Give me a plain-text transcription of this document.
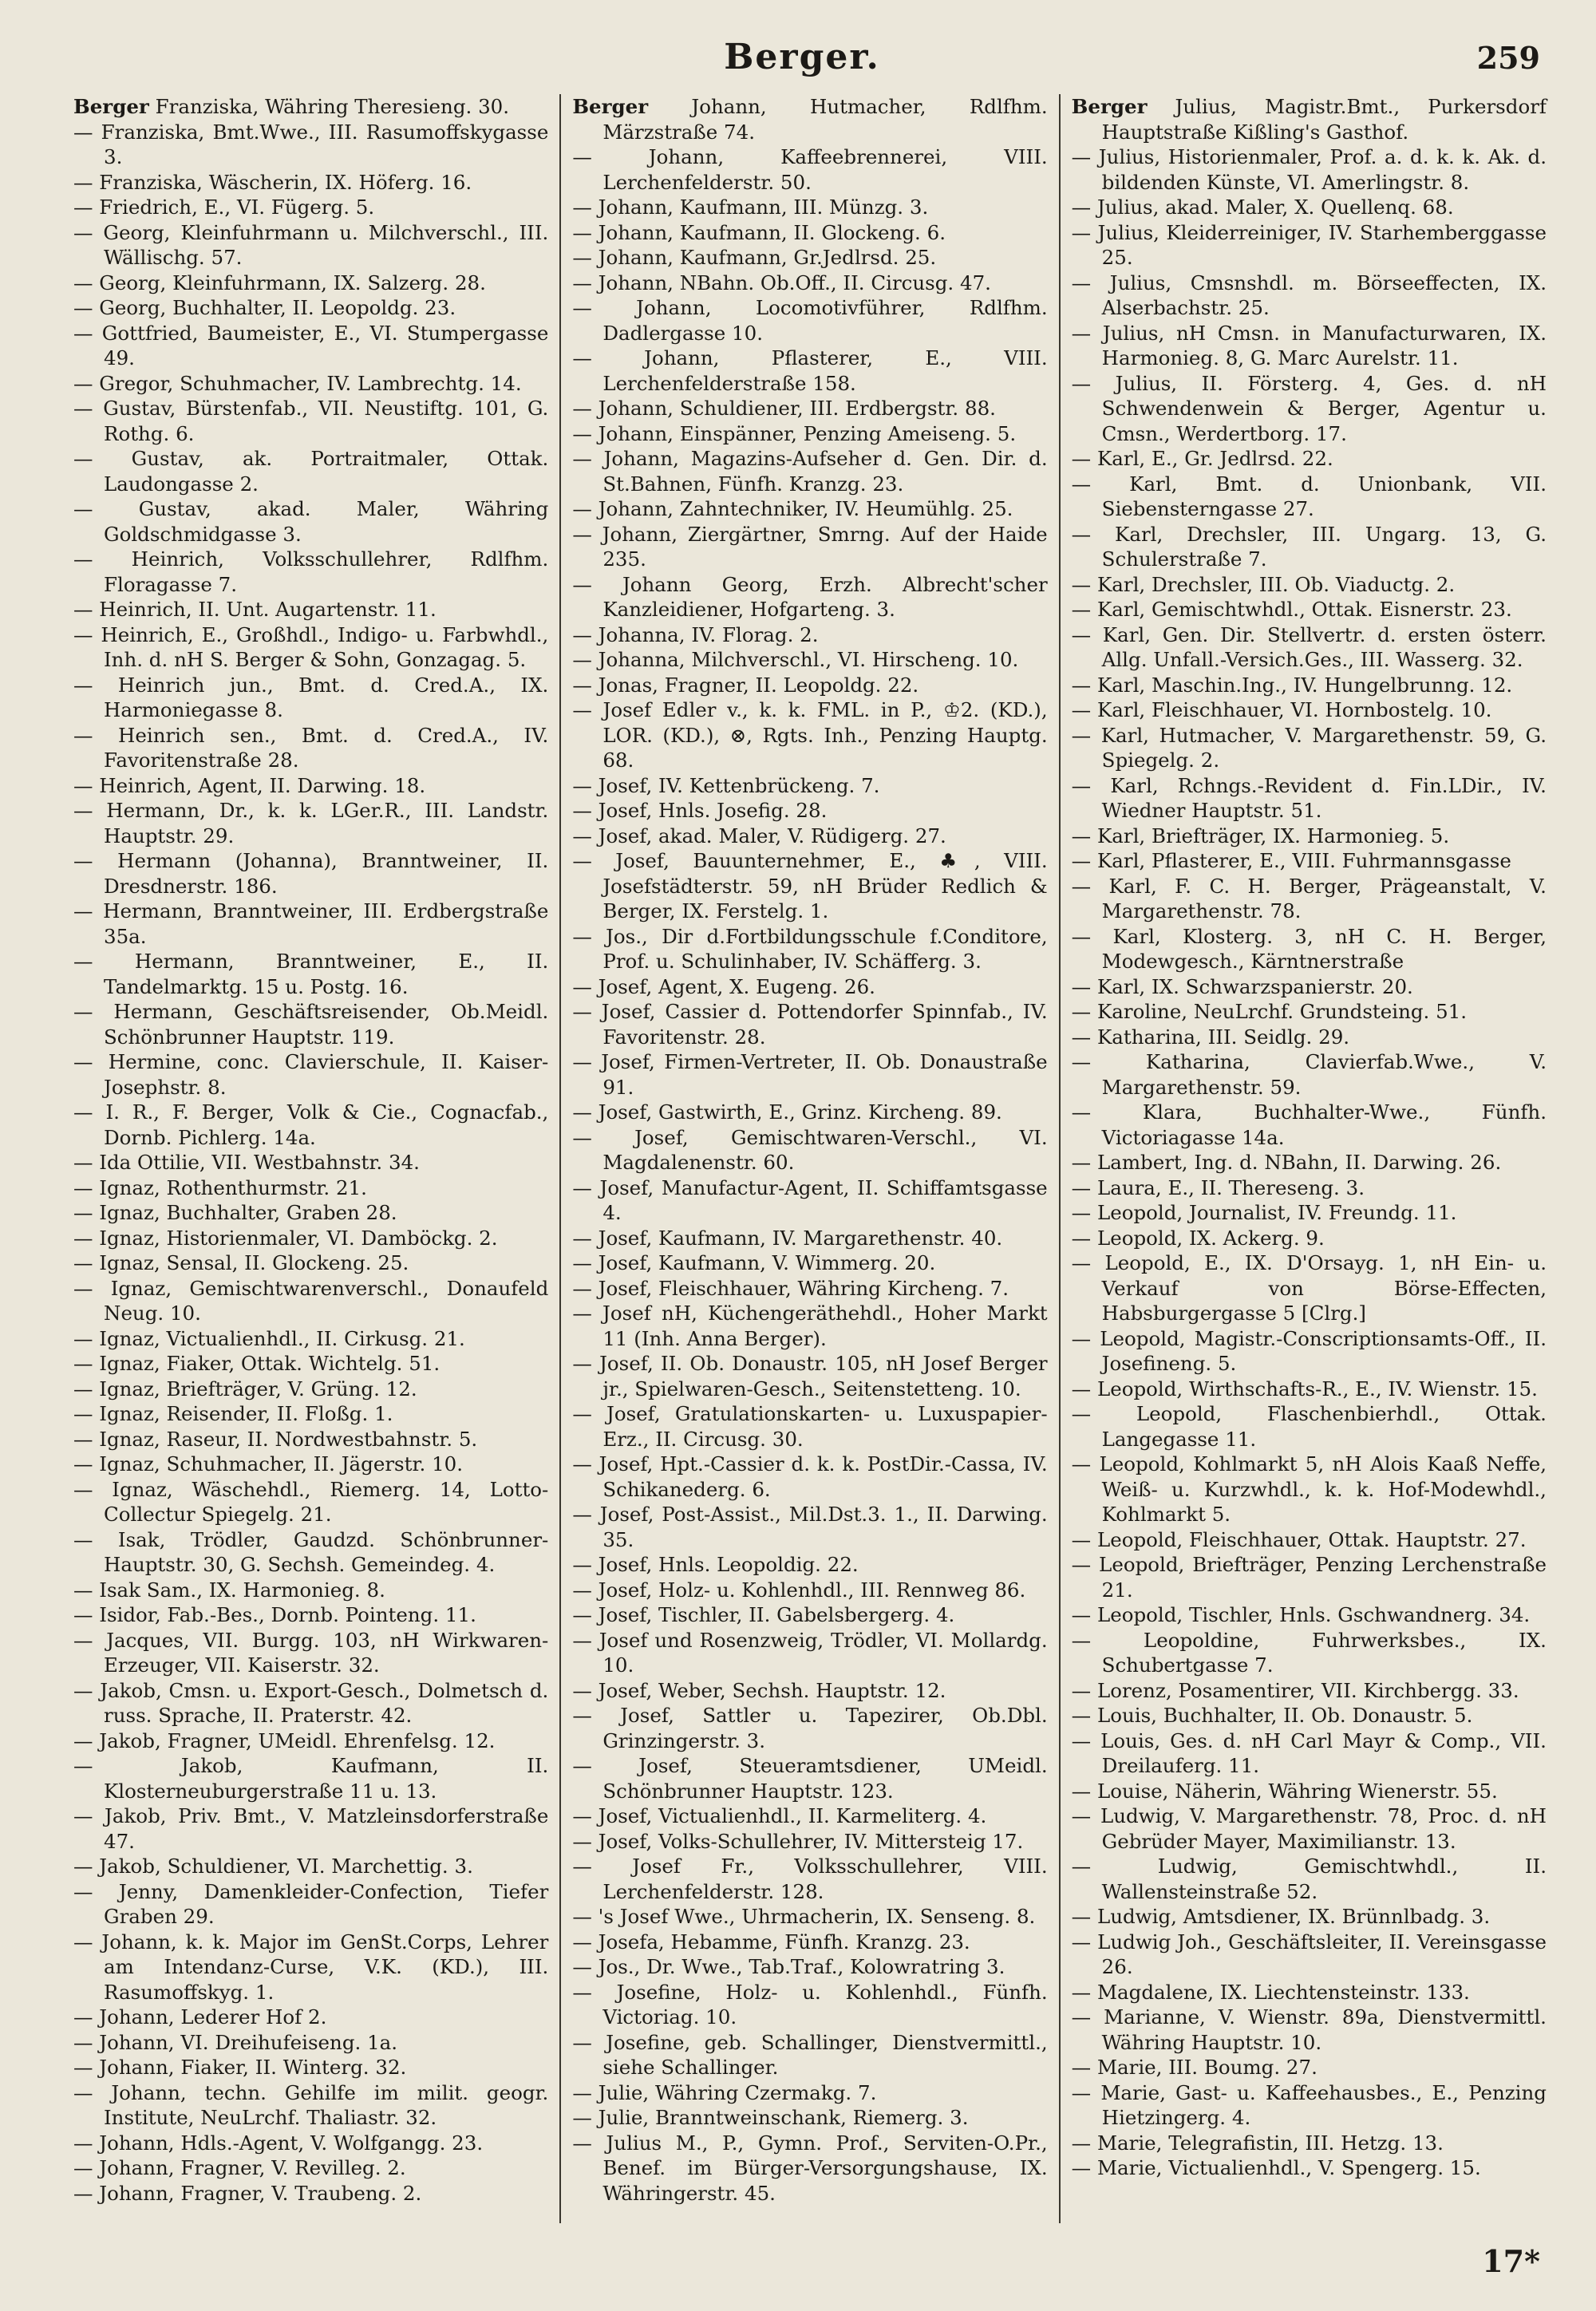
Berger.	259
Berger Franziska, Währing Theresieng. 30.
— Franziska, Bmt.Wwe., III. Rasumoffskygasse 3.
— Franziska, Wäscherin, IX. Höferg. 16.
— Friedrich, E., VI. Fügerg. 5.
— Georg, Kleinfuhrmann u. Milchverschl., III. Wällischg. 57.
— Georg, Kleinfuhrmann, IX. Salzerg. 28.
— Georg, Buchhalter, II. Leopoldg. 23.
— Gottfried, Baumeister, E., VI. Stumpergasse 49.
— Gregor, Schuhmacher, IV. Lambrechtg. 14.
— Gustav, Bürstenfab., VII. Neustiftg. 101, G. Rothg. 6.
— Gustav, ak. Portraitmaler, Ottak. Laudongasse 2.
— Gustav, akad. Maler, Währing Goldschmidgasse 3.
— Heinrich, Volksschullehrer, Rdlfhm. Floragasse 7.
— Heinrich, II. Unt. Augartenstr. 11.
— Heinrich, E., Großhdl., Indigo- u. Farbwhdl., Inh. d. nH S. Berger & Sohn, Gonzagag. 5.
— Heinrich jun., Bmt. d. Cred.A., IX. Harmoniegasse 8.
— Heinrich sen., Bmt. d. Cred.A., IV. Favoritenstraße 28.
— Heinrich, Agent, II. Darwing. 18.
— Hermann, Dr., k. k. LGer.R., III. Landstr. Hauptstr. 29.
— Hermann (Johanna), Branntweiner, II. Dresdnerstr. 186.
— Hermann, Branntweiner, III. Erdbergstraße 35a.
— Hermann, Branntweiner, E., II. Tandelmarktg. 15 u. Postg. 16.
— Hermann, Geschäftsreisender, Ob.Meidl. Schönbrunner Hauptstr. 119.
— Hermine, conc. Clavierschule, II. Kaiser-Josephstr. 8.
— I. R., F. Berger, Volk & Cie., Cognacfab., Dornb. Pichlerg. 14a.
— Ida Ottilie, VII. Westbahnstr. 34.
— Ignaz, Rothenthurmstr. 21.
— Ignaz, Buchhalter, Graben 28.
— Ignaz, Historienmaler, VI. Damböckg. 2.
— Ignaz, Sensal, II. Glockeng. 25.
— Ignaz, Gemischtwarenverschl., Donaufeld Neug. 10.
— Ignaz, Victualienhdl., II. Cirkusg. 21.
— Ignaz, Fiaker, Ottak. Wichtelg. 51.
— Ignaz, Briefträger, V. Grüng. 12.
— Ignaz, Reisender, II. Floßg. 1.
— Ignaz, Raseur, II. Nordwestbahnstr. 5.
— Ignaz, Schuhmacher, II. Jägerstr. 10.
— Ignaz, Wäschehdl., Riemerg. 14, Lotto-Collectur Spiegelg. 21.
— Isak, Trödler, Gaudzd. Schönbrunner-Hauptstr. 30, G. Sechsh. Gemeindeg. 4.
— Isak Sam., IX. Harmonieg. 8.
— Isidor, Fab.-Bes., Dornb. Pointeng. 11.
— Jacques, VII. Burgg. 103, nH Wirkwaren-Erzeuger, VII. Kaiserstr. 32.
— Jakob, Cmsn. u. Export-Gesch., Dolmetsch d. russ. Sprache, II. Praterstr. 42.
— Jakob, Fragner, UMeidl. Ehrenfelsg. 12.
— Jakob, Kaufmann, II. Klosterneuburgerstraße 11 u. 13.
— Jakob, Priv. Bmt., V. Matzleinsdorferstraße 47.
— Jakob, Schuldiener, VI. Marchettig. 3.
— Jenny, Damenkleider-Confection, Tiefer Graben 29.
— Johann, k. k. Major im GenSt.Corps, Lehrer am Intendanz-Curse, V.K. (KD.), III. Rasumoffskyg. 1.
— Johann, Lederer Hof 2.
— Johann, VI. Dreihufeiseng. 1a.
— Johann, Fiaker, II. Winterg. 32.
— Johann, techn. Gehilfe im milit. geogr. Institute, NeuLrchf. Thaliastr. 32.
— Johann, Hdls.-Agent, V. Wolfgangg. 23.
— Johann, Fragner, V. Revilleg. 2.
— Johann, Fragner, V. Traubeng. 2.
Berger Johann, Hutmacher, Rdlfhm. Märzstraße 74.
— Johann, Kaffeebrennerei, VIII. Lerchenfelderstr. 50.
— Johann, Kaufmann, III. Münzg. 3.
— Johann, Kaufmann, II. Glockeng. 6.
— Johann, Kaufmann, Gr.Jedlrsd. 25.
— Johann, NBahn. Ob.Off., II. Circusg. 47.
— Johann, Locomotivführer, Rdlfhm. Dadlergasse 10.
— Johann, Pflasterer, E., VIII. Lerchenfelderstraße 158.
— Johann, Schuldiener, III. Erdbergstr. 88.
— Johann, Einspänner, Penzing Ameiseng. 5.
— Johann, Magazins-Aufseher d. Gen. Dir. d. St.Bahnen, Fünfh. Kranzg. 23.
— Johann, Zahntechniker, IV. Heumühlg. 25.
— Johann, Ziergärtner, Smrng. Auf der Haide 235.
— Johann Georg, Erzh. Albrecht'scher Kanzleidiener, Hofgarteng. 3.
— Johanna, IV. Florag. 2.
— Johanna, Milchverschl., VI. Hirscheng. 10.
— Jonas, Fragner, II. Leopoldg. 22.
— Josef Edler v., k. k. FML. in P., ♔2. (KD.), LOR. (KD.), ⊗, Rgts. Inh., Penzing Hauptg. 68.
— Josef, IV. Kettenbrückeng. 7.
— Josef, Hnls. Josefig. 28.
— Josef, akad. Maler, V. Rüdigerg. 27.
— Josef, Bauunternehmer, E., ♣, VIII. Josefstädterstr. 59, nH Brüder Redlich & Berger, IX. Ferstelg. 1.
— Jos., Dir d.Fortbildungsschule f.Conditore, Prof. u. Schulinhaber, IV. Schäfferg. 3.
— Josef, Agent, X. Eugeng. 26.
— Josef, Cassier d. Pottendorfer Spinnfab., IV. Favoritenstr. 28.
— Josef, Firmen-Vertreter, II. Ob. Donaustraße 91.
— Josef, Gastwirth, E., Grinz. Kircheng. 89.
— Josef, Gemischtwaren-Verschl., VI. Magdalenenstr. 60.
— Josef, Manufactur-Agent, II. Schiffamtsgasse 4.
— Josef, Kaufmann, IV. Margarethenstr. 40.
— Josef, Kaufmann, V. Wimmerg. 20.
— Josef, Fleischhauer, Währing Kircheng. 7.
— Josef nH, Küchengeräthehdl., Hoher Markt 11 (Inh. Anna Berger).
— Josef, II. Ob. Donaustr. 105, nH Josef Berger jr., Spielwaren-Gesch., Seitenstetteng. 10.
— Josef, Gratulationskarten- u. Luxuspapier-Erz., II. Circusg. 30.
— Josef, Hpt.-Cassier d. k. k. PostDir.-Cassa, IV. Schikanederg. 6.
— Josef, Post-Assist., Mil.Dst.3. 1., II. Darwing. 35.
— Josef, Hnls. Leopoldig. 22.
— Josef, Holz- u. Kohlenhdl., III. Rennweg 86.
— Josef, Tischler, II. Gabelsbergerg. 4.
— Josef und Rosenzweig, Trödler, VI. Mollardg. 10.
— Josef, Weber, Sechsh. Hauptstr. 12.
— Josef, Sattler u. Tapezirer, Ob.Dbl. Grinzingerstr. 3.
— Josef, Steueramtsdiener, UMeidl. Schönbrunner Hauptstr. 123.
— Josef, Victualienhdl., II. Karmeliterg. 4.
— Josef, Volks-Schullehrer, IV. Mittersteig 17.
— Josef Fr., Volksschullehrer, VIII. Lerchenfelderstr. 128.
— 's Josef Wwe., Uhrmacherin, IX. Senseng. 8.
— Josefa, Hebamme, Fünfh. Kranzg. 23.
— Jos., Dr. Wwe., Tab.Traf., Kolowratring 3.
— Josefine, Holz- u. Kohlenhdl., Fünfh. Victoriag. 10.
— Josefine, geb. Schallinger, Dienstvermittl., siehe Schallinger.
— Julie, Währing Czermakg. 7.
— Julie, Branntweinschank, Riemerg. 3.
— Julius M., P., Gymn. Prof., Serviten-O.Pr., Benef. im Bürger-Versorgungshause, IX. Währingerstr. 45.
Berger Julius, Magistr.Bmt., Purkersdorf Hauptstraße Kißling's Gasthof.
— Julius, Historienmaler, Prof. a. d. k. k. Ak. d. bildenden Künste, VI. Amerlingstr. 8.
— Julius, akad. Maler, X. Quellenq. 68.
— Julius, Kleiderreiniger, IV. Starhemberggasse 25.
— Julius, Cmsnshdl. m. Börseeffecten, IX. Alserbachstr. 25.
— Julius, nH Cmsn. in Manufacturwaren, IX. Harmonieg. 8, G. Marc Aurelstr. 11.
— Julius, II. Försterg. 4, Ges. d. nH Schwendenwein & Berger, Agentur u. Cmsn., Werdertborg. 17.
— Karl, E., Gr. Jedlrsd. 22.
— Karl, Bmt. d. Unionbank, VII. Siebensterngasse 27.
— Karl, Drechsler, III. Ungarg. 13, G. Schulerstraße 7.
— Karl, Drechsler, III. Ob. Viaductg. 2.
— Karl, Gemischtwhdl., Ottak. Eisnerstr. 23.
— Karl, Gen. Dir. Stellvertr. d. ersten österr. Allg. Unfall.-Versich.Ges., III. Wasserg. 32.
— Karl, Maschin.Ing., IV. Hungelbrunng. 12.
— Karl, Fleischhauer, VI. Hornbostelg. 10.
— Karl, Hutmacher, V. Margarethenstr. 59, G. Spiegelg. 2.
— Karl, Rchngs.-Revident d. Fin.LDir., IV. Wiedner Hauptstr. 51.
— Karl, Briefträger, IX. Harmonieg. 5.
— Karl, Pflasterer, E., VIII. Fuhrmannsgasse
— Karl, F. C. H. Berger, Prägeanstalt, V. Margarethenstr. 78.
— Karl, Klosterg. 3, nH C. H. Berger, Modewgesch., Kärntnerstraße
— Karl, IX. Schwarzspanierstr. 20.
— Karoline, NeuLrchf. Grundsteing. 51.
— Katharina, III. Seidlg. 29.
— Katharina, Clavierfab.Wwe., V. Margarethenstr. 59.
— Klara, Buchhalter-Wwe., Fünfh. Victoriagasse 14a.
— Lambert, Ing. d. NBahn, II. Darwing. 26.
— Laura, E., II. Thereseng. 3.
— Leopold, Journalist, IV. Freundg. 11.
— Leopold, IX. Ackerg. 9.
— Leopold, E., IX. D'Orsayg. 1, nH Ein- u. Verkauf von Börse-Effecten, Habsburgergasse 5 [Clrg.]
— Leopold, Magistr.-Conscriptionsamts-Off., II. Josefineng. 5.
— Leopold, Wirthschafts-R., E., IV. Wienstr. 15.
— Leopold, Flaschenbierhdl., Ottak. Langegasse 11.
— Leopold, Kohlmarkt 5, nH Alois Kaaß Neffe, Weiß- u. Kurzwhdl., k. k. Hof-Modewhdl., Kohlmarkt 5.
— Leopold, Fleischhauer, Ottak. Hauptstr. 27.
— Leopold, Briefträger, Penzing Lerchenstraße 21.
— Leopold, Tischler, Hnls. Gschwandnerg. 34.
— Leopoldine, Fuhrwerksbes., IX. Schubertgasse 7.
— Lorenz, Posamentirer, VII. Kirchbergg. 33.
— Louis, Buchhalter, II. Ob. Donaustr. 5.
— Louis, Ges. d. nH Carl Mayr & Comp., VII. Dreilauferg. 11.
— Louise, Näherin, Währing Wienerstr. 55.
— Ludwig, V. Margarethenstr. 78, Proc. d. nH Gebrüder Mayer, Maximilianstr. 13.
— Ludwig, Gemischtwhdl., II. Wallensteinstraße 52.
— Ludwig, Amtsdiener, IX. Brünnlbadg. 3.
— Ludwig Joh., Geschäftsleiter, II. Vereinsgasse 26.
— Magdalene, IX. Liechtensteinstr. 133.
— Marianne, V. Wienstr. 89a, Dienstvermittl. Währing Hauptstr. 10.
— Marie, III. Boumg. 27.
— Marie, Gast- u. Kaffeehausbes., E., Penzing Hietzingerg. 4.
— Marie, Telegrafistin, III. Hetzg. 13.
— Marie, Victualienhdl., V. Spengerg. 15.
17*
